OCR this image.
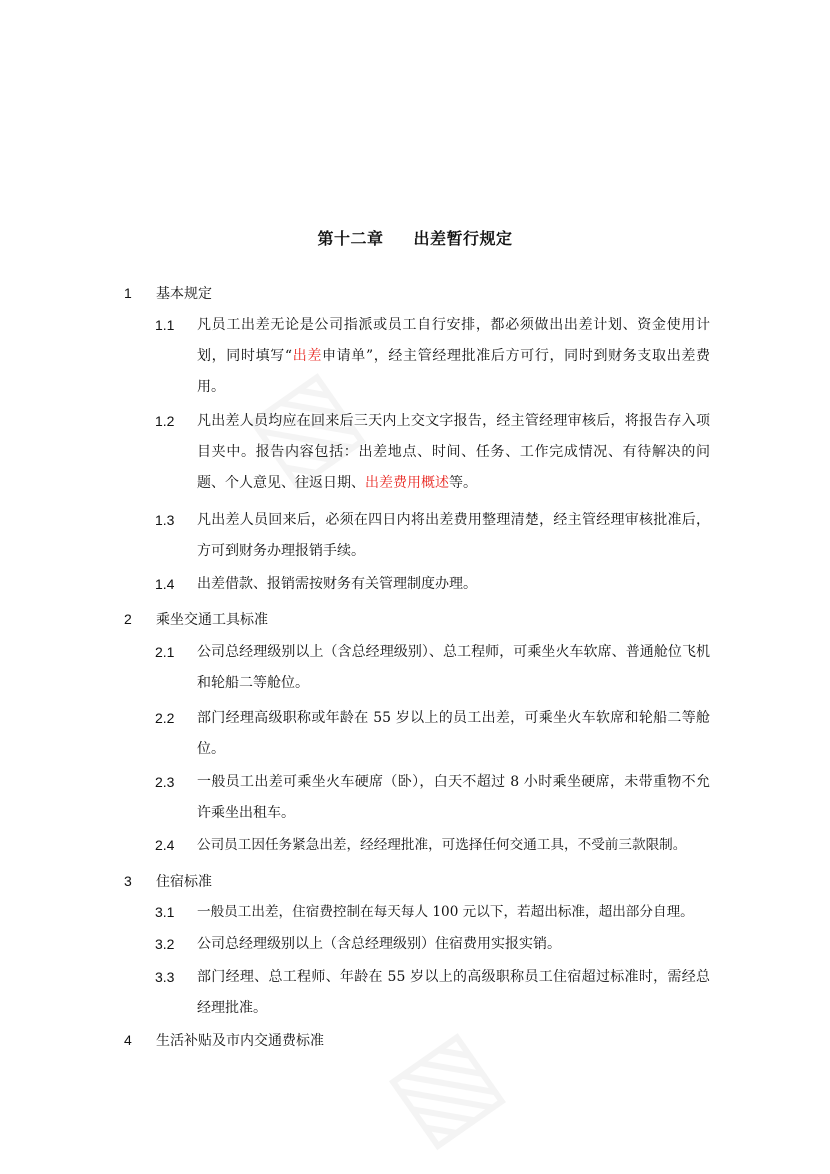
第十二章 出差暂行规定
1 基本规定
1.1	凡员工出差无论是公司指派或员工自行安排，都必须做出出差计划、资金使用计划，同时填写“出差申请单”，经主管经理批准后方可行，同时到财务支取出差费用。
1.2	凡出差人员均应在回来后三天内上交文字报告，经主管经理审核后，将报告存入项目夹中。报告内容包括：出差地点、时间、任务、工作完成情况、有待解决的问题、个人意见、往返日期、出差费用概述等。
1.3	凡出差人员回来后，必须在四日内将出差费用整理清楚，经主管经理审核批准后，方可到财务办理报销手续。
1.4	出差借款、报销需按财务有关管理制度办理。
2 乘坐交通工具标准
2.1	公司总经理级别以上（含总经理级别）、总工程师，可乘坐火车软席、普通舱位飞机和轮船二等舱位。
2.2	部门经理高级职称或年龄在 55 岁以上的员工出差，可乘坐火车软席和轮船二等舱位。
2.3	一般员工出差可乘坐火车硬席（卧），白天不超过 8 小时乘坐硬席，未带重物不允许乘坐出租车。
2.4	公司员工因任务紧急出差，经经理批准，可选择任何交通工具，不受前三款限制。
3 住宿标准
3.1	一般员工出差，住宿费控制在每天每人 100 元以下，若超出标准，超出部分自理。
3.2	公司总经理级别以上（含总经理级别）住宿费用实报实销。
3.3	部门经理、总工程师、年龄在 55 岁以上的高级职称员工住宿超过标准时，需经总经理批准。
4 生活补贴及市内交通费标准
